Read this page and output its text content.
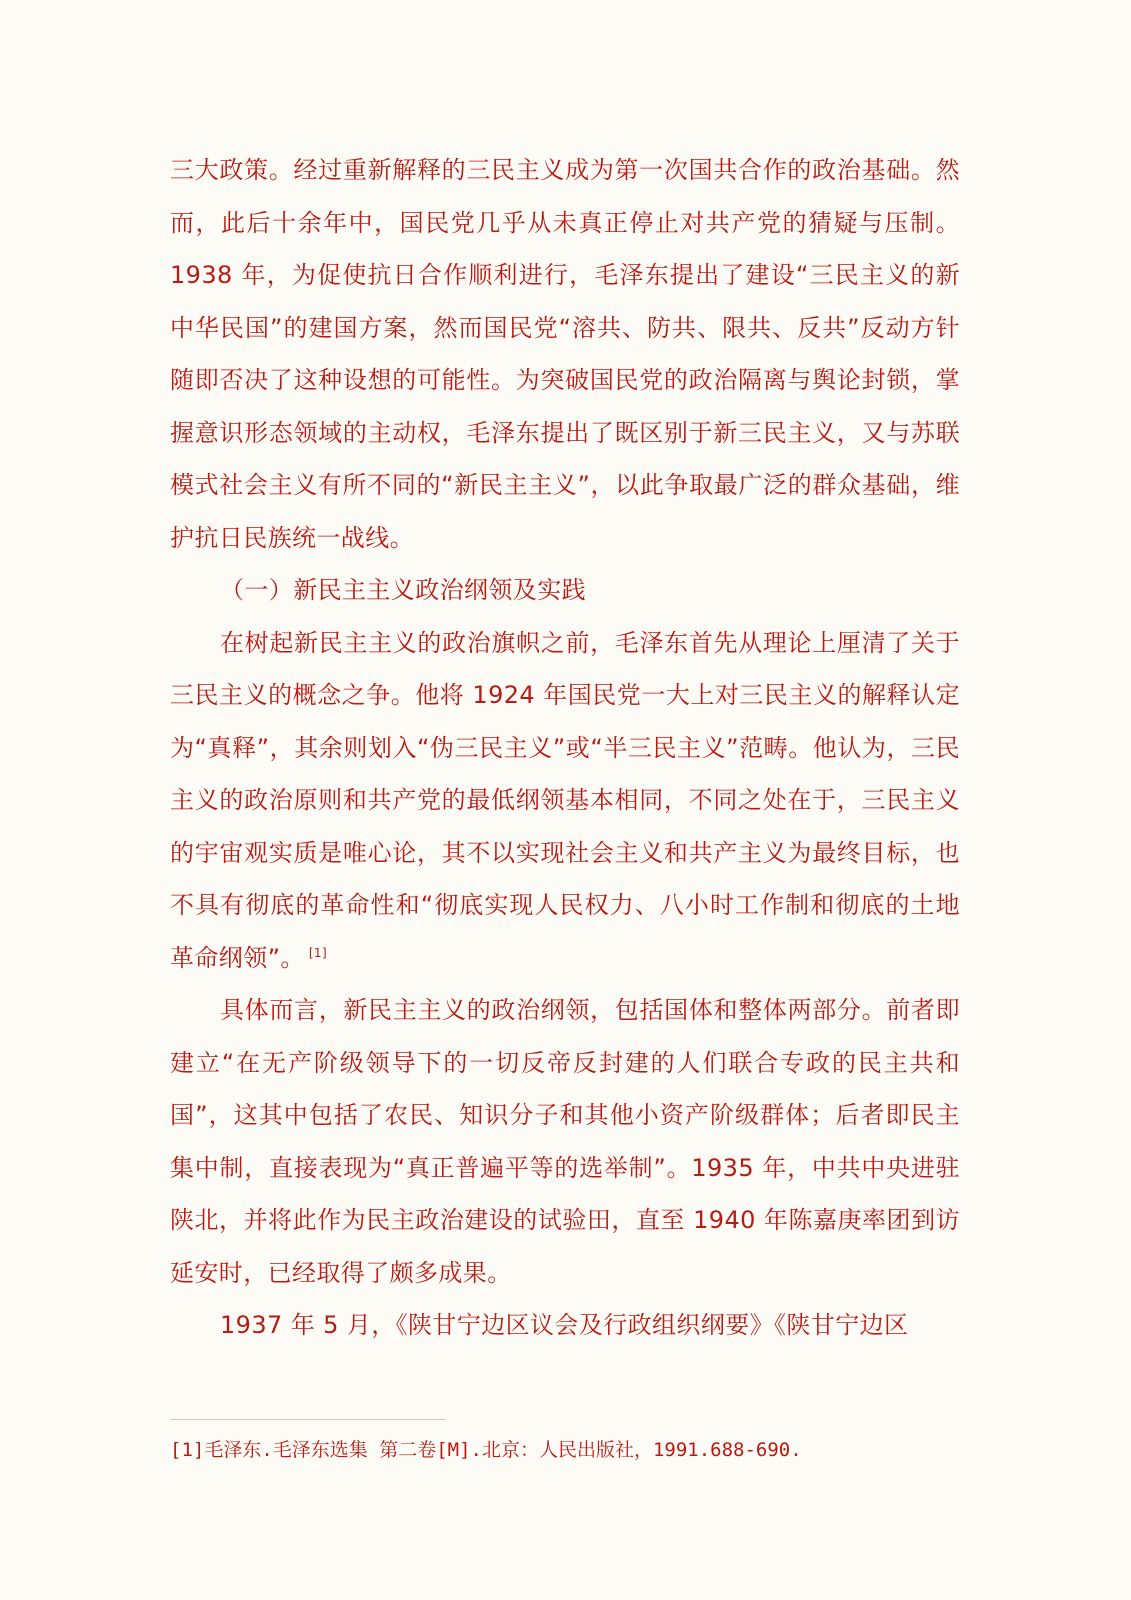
三大政策。经过重新解释的三民主义成为第一次国共合作的政治基础。然而，此后十余年中，国民党几乎从未真正停止对共产党的猜疑与压制。1938 年，为促使抗日合作顺利进行，毛泽东提出了建设“三民主义的新中华民国”的建国方案，然而国民党“溶共、防共、限共、反共”反动方针随即否决了这种设想的可能性。为突破国民党的政治隔离与舆论封锁，掌握意识形态领域的主动权，毛泽东提出了既区别于新三民主义，又与苏联模式社会主义有所不同的“新民主主义”，以此争取最广泛的群众基础，维护抗日民族统一战线。

（一）新民主主义政治纲领及实践

在树起新民主主义的政治旗帜之前，毛泽东首先从理论上厘清了关于三民主义的概念之争。他将 1924 年国民党一大上对三民主义的解释认定为“真释”，其余则划入“伪三民主义”或“半三民主义”范畴。他认为，三民主义的政治原则和共产党的最低纲领基本相同，不同之处在于，三民主义的宇宙观实质是唯心论，其不以实现社会主义和共产主义为最终目标，也不具有彻底的革命性和“彻底实现人民权力、八小时工作制和彻底的土地革命纲领”。 [1]

具体而言，新民主主义的政治纲领，包括国体和整体两部分。前者即建立“在无产阶级领导下的一切反帝反封建的人们联合专政的民主共和国”，这其中包括了农民、知识分子和其他小资产阶级群体；后者即民主集中制，直接表现为“真正普遍平等的选举制”。1935 年，中共中央进驻陕北，并将此作为民主政治建设的试验田，直至 1940 年陈嘉庚率团到访延安时，已经取得了颇多成果。

1937 年 5 月，《陕甘宁边区议会及行政组织纲要》《陕甘宁边区

[1]毛泽东.毛泽东选集 第二卷[M].北京：人民出版社，1991.688-690.
